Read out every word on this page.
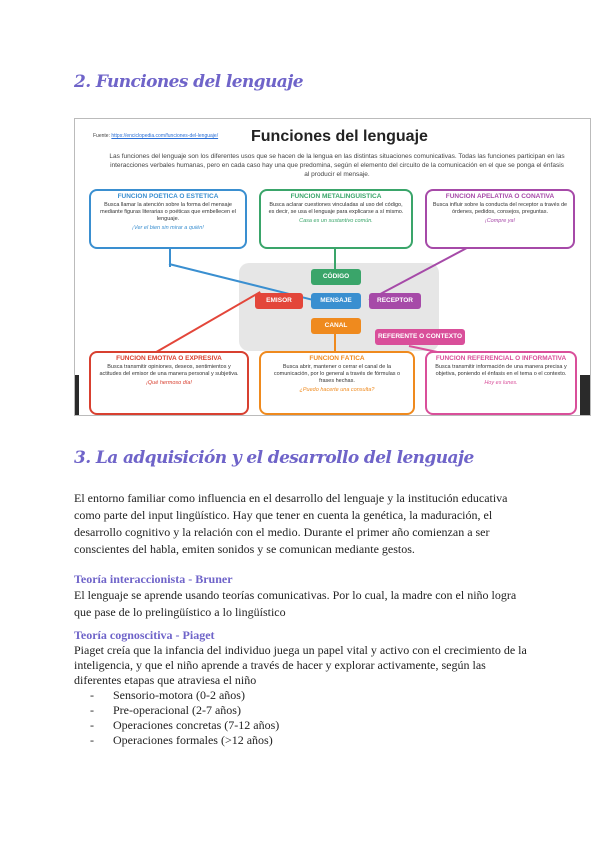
2. Funciones del lenguaje
Fuente: https://enciclopedia.com/funciones-del-lenguaje/ Funciones del lenguaje
Las funciones del lenguaje son los diferentes usos que se hacen de la lengua en las distintas situaciones comunicativas. Todas las funciones participan en las interacciones verbales humanas, pero en cada caso hay una que predomina, según el elemento del circuito de la comunicación en el que se ponga el énfasis al producir el mensaje.
FUNCIÓN POÉTICA O ESTÉTICA
Busca llamar la atención sobre la forma del mensaje mediante figuras literarias o poéticas que embellecen el lenguaje.
¡Ver el bien sin mirar a quién!
FUNCIÓN METALINGÜÍSTICA
Busca aclarar cuestiones vinculadas al uso del código, es decir, se usa el lenguaje para explicarse a sí mismo.
Casa es un sustantivo común.
FUNCIÓN APELATIVA O CONATIVA
Busca influir sobre la conducta del receptor a través de órdenes, pedidos, consejos, preguntas.
¡Compre ya!
CÓDIGO
EMISOR	MENSAJE	RECEPTOR
CANAL
REFERENTE O CONTEXTO
FUNCIÓN EMOTIVA O EXPRESIVA
Busca transmitir opiniones, deseos, sentimientos y actitudes del emisor de una manera personal y subjetiva.
¡Qué hermoso día!
FUNCIÓN FÁTICA
Busca abrir, mantener o cerrar el canal de la comunicación, por lo general a través de fórmulas o frases hechas.
¿Puedo hacerte una consulta?
FUNCIÓN REFERENCIAL O INFORMATIVA
Busca transmitir información de una manera precisa y objetiva, poniendo el énfasis en el tema o el contexto.
Hoy es lunes.
3. La adquisición y el desarrollo del lenguaje

El entorno familiar como influencia en el desarrollo del lenguaje y la institución educativa como parte del input lingüístico. Hay que tener en cuenta la genética, la maduración, el desarrollo cognitivo y la relación con el medio. Durante el primer año comienzan a ser conscientes del habla, emiten sonidos y se comunican mediante gestos.

Teoría interaccionista - Bruner

El lenguaje se aprende usando teorías comunicativas. Por lo cual, la madre con el niño logra que pase de lo prelingüístico a lo lingüístico

Teoría cognoscitiva - Piaget

Piaget creía que la infancia del individuo juega un papel vital y activo con el crecimiento de la inteligencia, y que el niño aprende a través de hacer y explorar activamente, según las diferentes etapas que atraviesa el niño

-	Sensorio-motora (0-2 años)
-	Pre-operacional (2-7 años)
-	Operaciones concretas (7-12 años)
-	Operaciones formales (>12 años)
